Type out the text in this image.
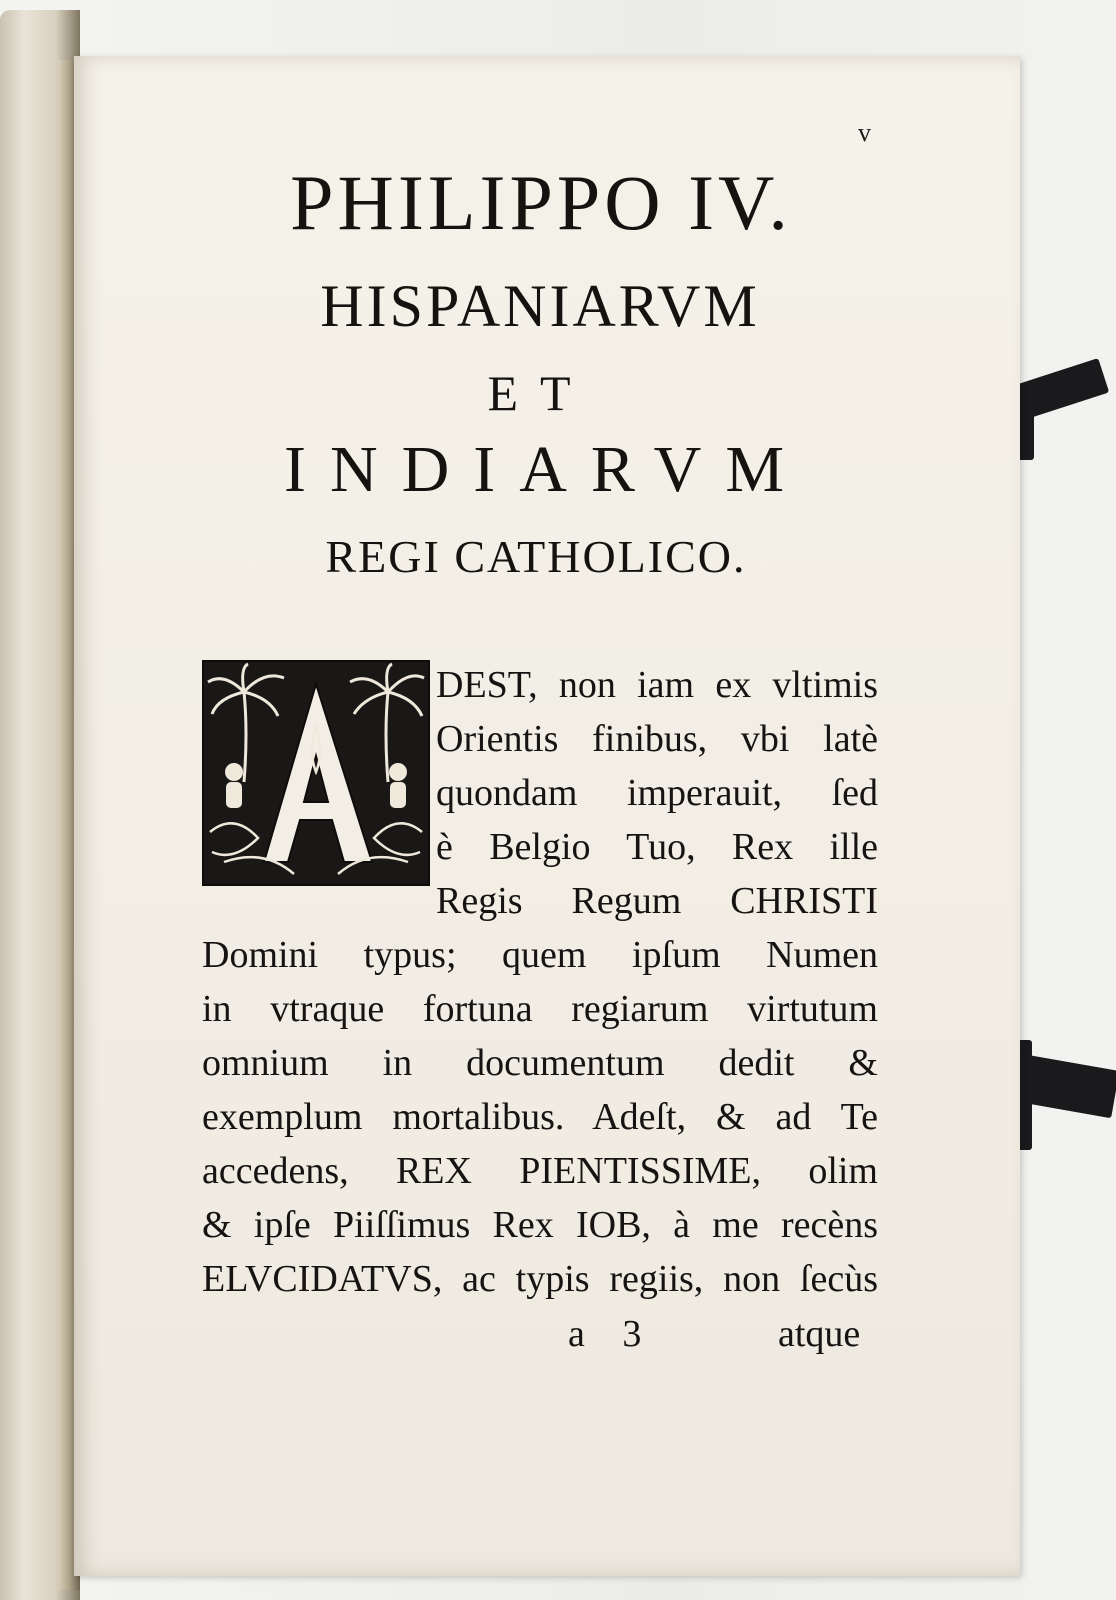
v
PHILIPPO IV.
HISPANIARVM
ET
INDIARVM
REGI CATHOLICO.
DEST, non iam ex vltimis
Orientis finibus, vbi latè
quondam imperauit, ſed
è Belgio Tuo, Rex ille
Regis Regum CHRISTI
Domini typus; quem ipſum Numen
in vtraque fortuna regiarum virtutum
omnium in documentum dedit &
exemplum mortalibus. Adeſt, & ad Te
accedens, REX PIENTISSIME, olim
& ipſe Piiſſimus Rex IOB, à me recèns
ELVCIDATVS, ac typis regiis, non ſecùs
a 3	atque
